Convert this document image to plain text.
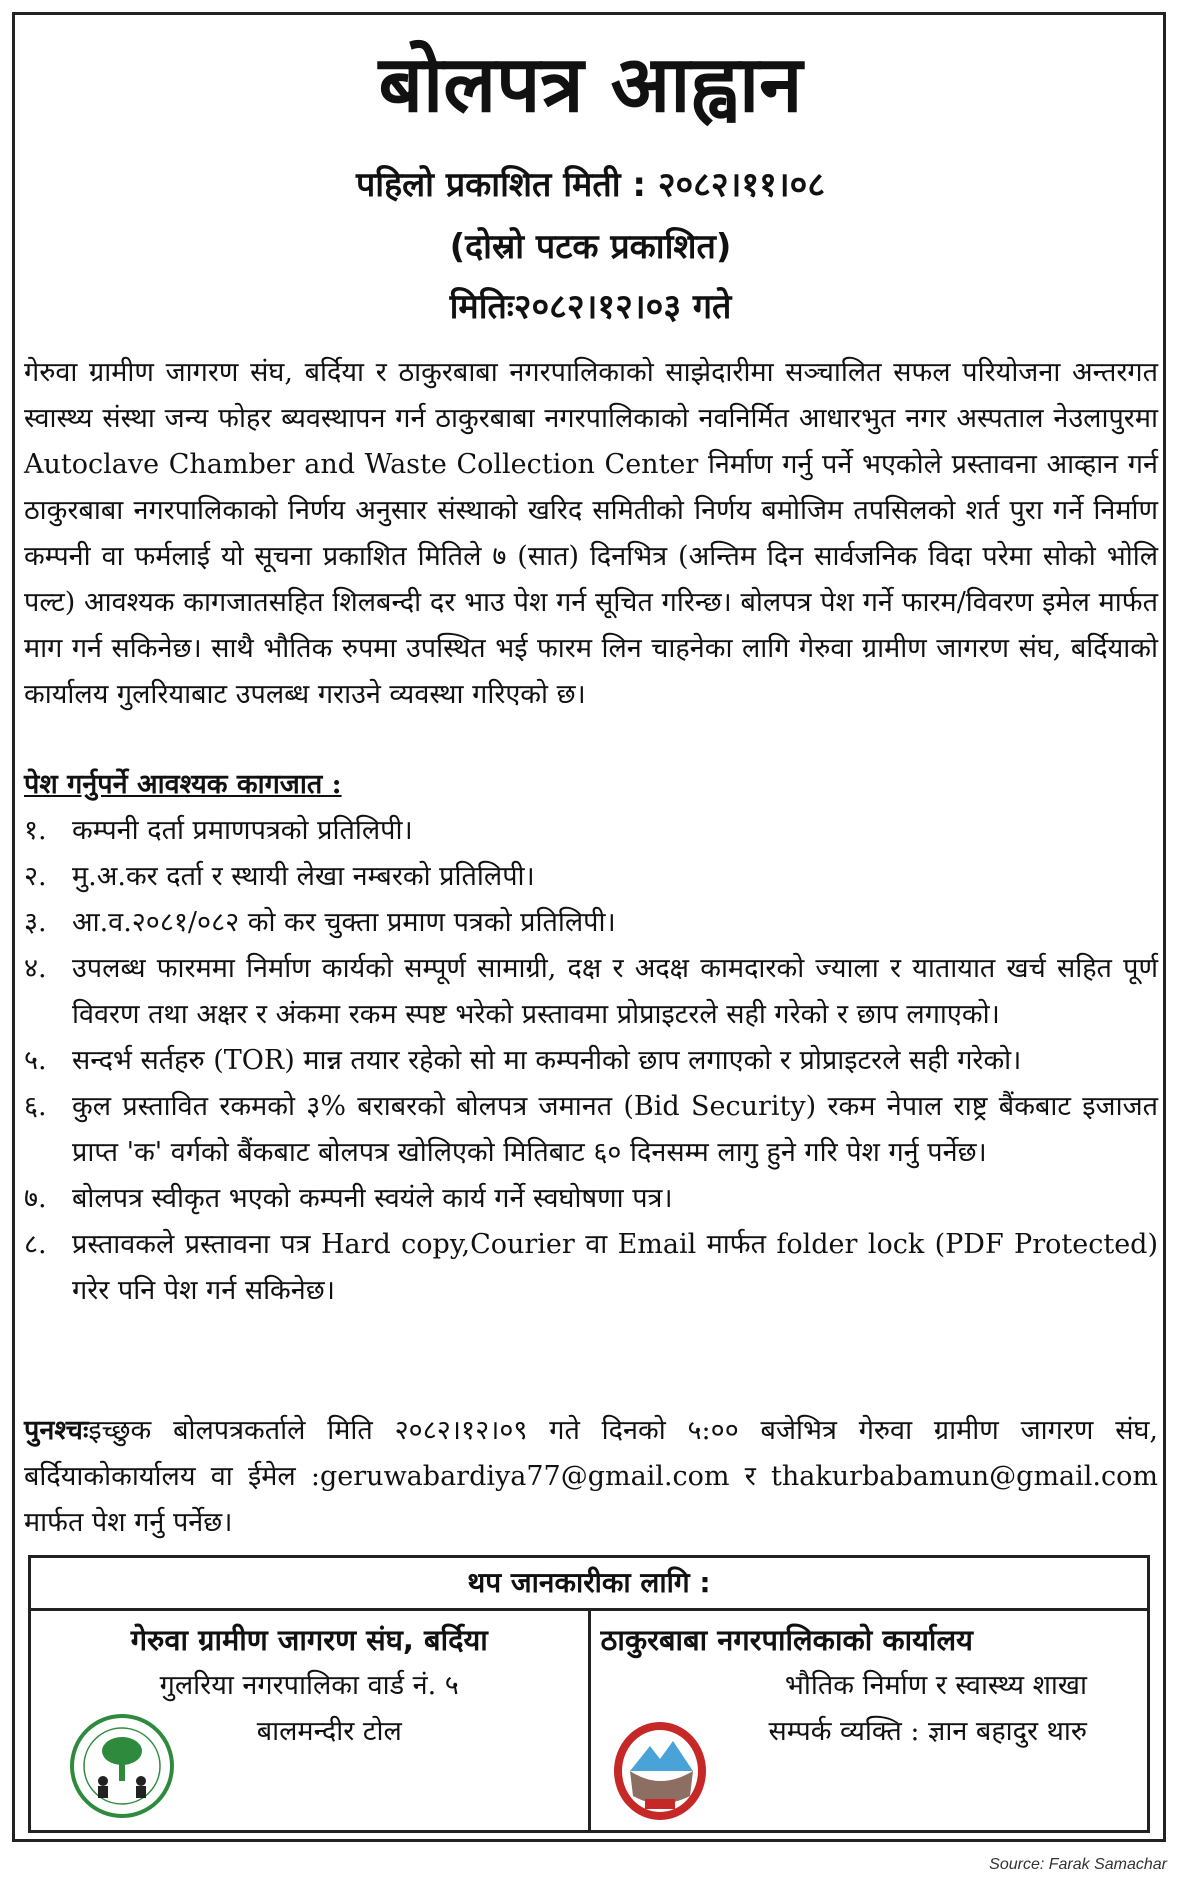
बोलपत्र आह्वान
पहिलो प्रकाशित मिती : २०८२।११।०८
(दोस्रो पटक प्रकाशित)
मितिः२०८२।१२।०३ गते
गेरुवा ग्रामीण जागरण संघ, बर्दिया र ठाकुरबाबा नगरपालिकाको साझेदारीमा सञ्चालित सफल परियोजना अन्तरगत स्वास्थ्य संस्था जन्य फोहर ब्यवस्थापन गर्न ठाकुरबाबा नगरपालिकाको नवनिर्मित आधारभुत नगर अस्पताल नेउलापुरमा Autoclave Chamber and Waste Collection Center निर्माण गर्नु पर्ने भएकोले प्रस्तावना आव्हान गर्न ठाकुरबाबा नगरपालिकाको निर्णय अनुसार संस्थाको खरिद समितीको निर्णय बमोजिम तपसिलको शर्त पुरा गर्ने निर्माण कम्पनी वा फर्मलाई यो सूचना प्रकाशित मितिले ७ (सात) दिनभित्र (अन्तिम दिन सार्वजनिक विदा परेमा सोको भोलि पल्ट) आवश्यक कागजातसहित शिलबन्दी दर भाउ पेश गर्न सूचित गरिन्छ। बोलपत्र पेश गर्ने फारम/विवरण इमेल मार्फत माग गर्न सकिनेछ। साथै भौतिक रुपमा उपस्थित भई फारम लिन चाहनेका लागि गेरुवा ग्रामीण जागरण संघ, बर्दियाको कार्यालय गुलरियाबाट उपलब्ध गराउने व्यवस्था गरिएको छ।
पेश गर्नुपर्ने आवश्यक कागजात :
१. कम्पनी दर्ता प्रमाणपत्रको प्रतिलिपी।
२. मु.अ.कर दर्ता र स्थायी लेखा नम्बरको प्रतिलिपी।
३. आ.व.२०८१/०८२ को कर चुक्ता प्रमाण पत्रको प्रतिलिपी।
४. उपलब्ध फारममा निर्माण कार्यको सम्पूर्ण सामाग्री, दक्ष र अदक्ष कामदारको ज्याला र यातायात खर्च सहित पूर्ण विवरण तथा अक्षर र अंकमा रकम स्पष्ट भरेको प्रस्तावमा प्रोप्राइटरले सही गरेको र छाप लगाएको।
५. सन्दर्भ सर्तहरु (TOR) मान्न तयार रहेको सो मा कम्पनीको छाप लगाएको र प्रोप्राइटरले सही गरेको।
६. कुल प्रस्तावित रकमको ३% बराबरको बोलपत्र जमानत (Bid Security) रकम नेपाल राष्ट्र बैंकबाट इजाजत प्राप्त 'क' वर्गको बैंकबाट बोलपत्र खोलिएको मितिबाट ६० दिनसम्म लागु हुने गरि पेश गर्नु पर्नेछ।
७. बोलपत्र स्वीकृत भएको कम्पनी स्वयंले कार्य गर्ने स्वघोषणा पत्र।
८. प्रस्तावकले प्रस्तावना पत्र Hard copy,Courier वा Email मार्फत folder lock (PDF Protected) गरेर पनि पेश गर्न सकिनेछ।
पुनश्चःइच्छुक बोलपत्रकर्ताले मिति २०८२।१२।०९ गते दिनको ५:०० बजेभित्र गेरुवा ग्रामीण जागरण संघ, बर्दियाकोकार्यालय वा ईमेल :geruwabardiya77@gmail.com र thakurbabamun@gmail.com मार्फत पेश गर्नु पर्नेछ।
थप जानकारीका लागि :
गेरुवा ग्रामीण जागरण संघ, बर्दिया
गुलरिया नगरपालिका वार्ड नं. ५
बालमन्दीर टोल
ठाकुरबाबा नगरपालिकाको कार्यालय
भौतिक निर्माण र स्वास्थ्य शाखा
सम्पर्क व्यक्ति : ज्ञान बहादुर थारु
Source: Farak Samachar
